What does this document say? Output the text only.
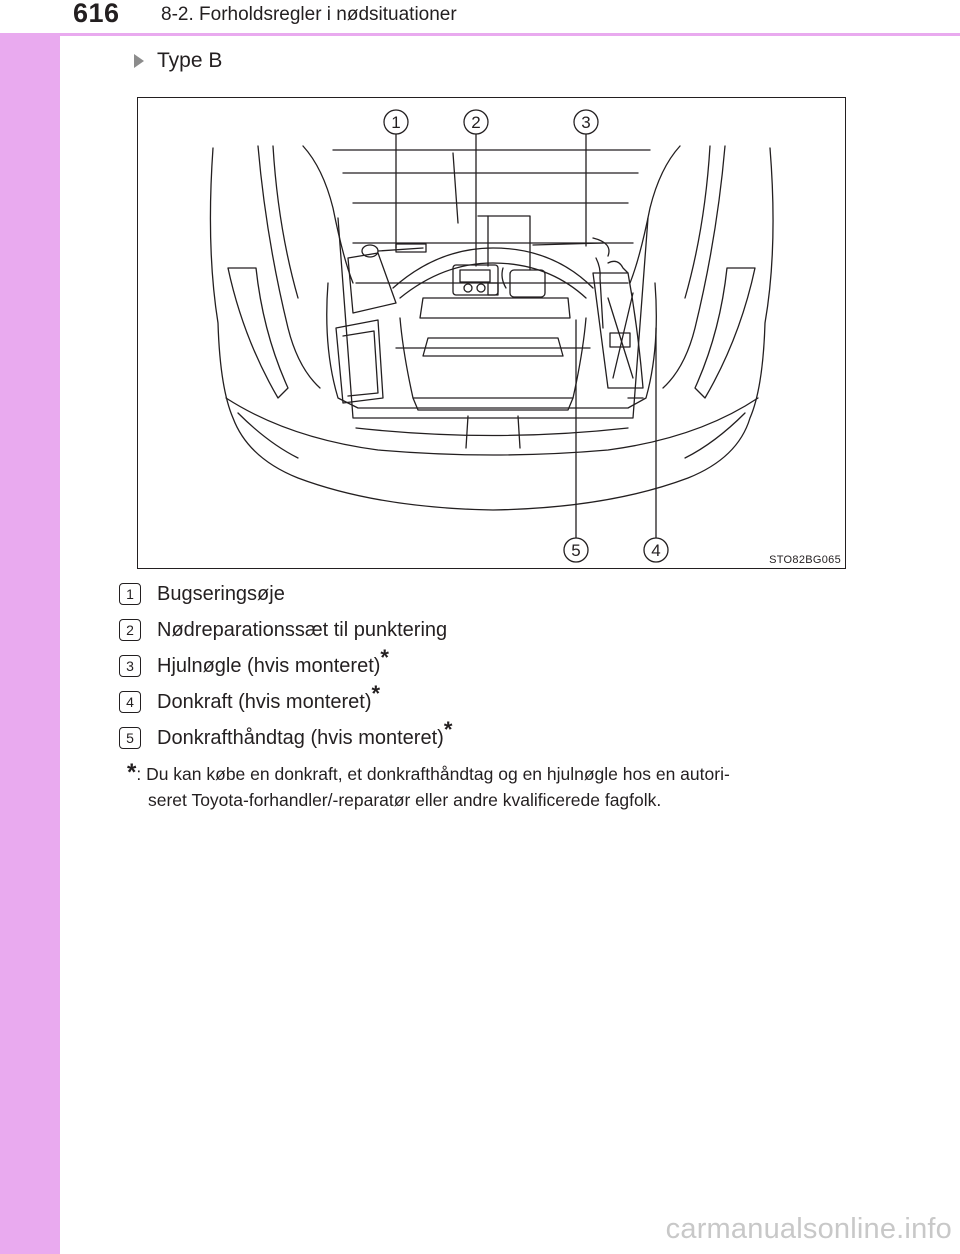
616 8-2. Forholdsregler i nødsituationer
Type B
1	2	3
4
5	STO82BG065
1	Bugseringsøje
2	Nødreparationssæt til punktering
3	Hjulnøgle (hvis monteret)*
4	Donkraft (hvis monteret)*
5	Donkrafthåndtag (hvis monteret)*
*: Du kan købe en donkraft, et donkrafthåndtag og en hjulnøgle hos en autori-
seret Toyota-forhandler/-reparatør eller andre kvalificerede fagfolk.
carmanualsonline.info
